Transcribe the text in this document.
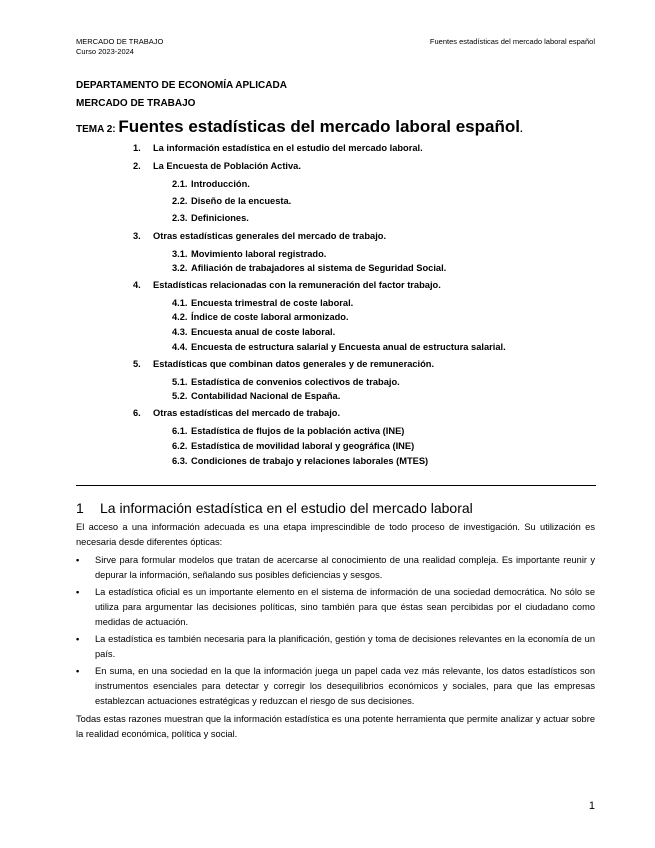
MERCADO DE TRABAJO
Curso 2023-2024
Fuentes estadísticas del mercado laboral español
DEPARTAMENTO DE ECONOMÍA APLICADA
MERCADO DE TRABAJO
TEMA 2: Fuentes estadísticas del mercado laboral español.
1. La información estadística en el estudio del mercado laboral.
2. La Encuesta de Población Activa.
2.1. Introducción.
2.2. Diseño de la encuesta.
2.3. Definiciones.
3. Otras estadísticas generales del mercado de trabajo.
3.1. Movimiento laboral registrado.
3.2. Afiliación de trabajadores al sistema de Seguridad Social.
4. Estadísticas relacionadas con la remuneración del factor trabajo.
4.1. Encuesta trimestral de coste laboral.
4.2. Índice de coste laboral armonizado.
4.3. Encuesta anual de coste laboral.
4.4. Encuesta de estructura salarial y Encuesta anual de estructura salarial.
5. Estadísticas que combinan datos generales y de remuneración.
5.1. Estadística de convenios colectivos de trabajo.
5.2. Contabilidad Nacional de España.
6. Otras estadísticas del mercado de trabajo.
6.1. Estadística de flujos de la población activa (INE)
6.2. Estadística de movilidad laboral y geográfica (INE)
6.3. Condiciones de trabajo y relaciones laborales (MTES)
1 La información estadística en el estudio del mercado laboral
El acceso a una información adecuada es una etapa imprescindible de todo proceso de investigación. Su utilización es necesaria desde diferentes ópticas:
• Sirve para formular modelos que tratan de acercarse al conocimiento de una realidad compleja. Es importante reunir y depurar la información, señalando sus posibles deficiencias y sesgos.
• La estadística oficial es un importante elemento en el sistema de información de una sociedad democrática. No sólo se utiliza para argumentar las decisiones políticas, sino también para que éstas sean percibidas por el ciudadano como medidas de actuación.
• La estadística es también necesaria para la planificación, gestión y toma de decisiones relevantes en la economía de un país.
• En suma, en una sociedad en la que la información juega un papel cada vez más relevante, los datos estadísticos son instrumentos esenciales para detectar y corregir los desequilibrios económicos y sociales, para que las empresas establezcan actuaciones estratégicas y reduzcan el riesgo de sus decisiones.
Todas estas razones muestran que la información estadística es una potente herramienta que permite analizar y actuar sobre la realidad económica, política y social.
1
